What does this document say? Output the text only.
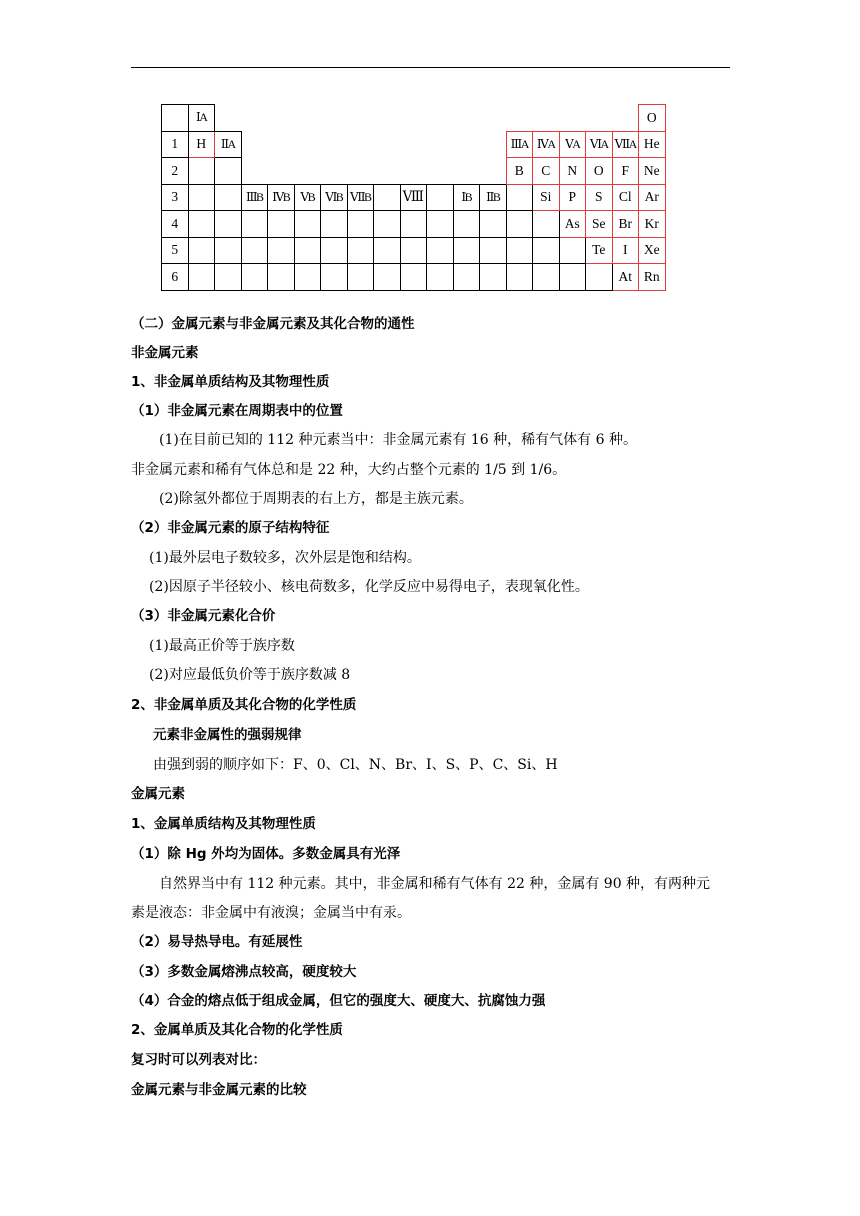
	ⅠA																	O
1	H	ⅡA											ⅢA	ⅣA	ⅤA	ⅥA	ⅦA	He
2													B	C	N	O	F	Ne
3			ⅢB	ⅣB	ⅤB	ⅥB	ⅦB		Ⅷ		ⅠB	ⅡB		Si	P	S	Cl	Ar
4															As	Se	Br	Kr
5																Te	I	Xe
6																	At	Rn
（二）金属元素与非金属元素及其化合物的通性
非金属元素
1、非金属单质结构及其物理性质
（1）非金属元素在周期表中的位置
(1)在目前已知的 112 种元素当中：非金属元素有 16 种，稀有气体有 6 种。
非金属元素和稀有气体总和是 22 种，大约占整个元素的 1/5 到 1/6。
(2)除氢外都位于周期表的右上方，都是主族元素。
（2）非金属元素的原子结构特征
(1)最外层电子数较多，次外层是饱和结构。
(2)因原子半径较小、核电荷数多，化学反应中易得电子，表现氧化性。
（3）非金属元素化合价
(1)最高正价等于族序数
(2)对应最低负价等于族序数减 8
2、非金属单质及其化合物的化学性质
元素非金属性的强弱规律
由强到弱的顺序如下：F、0、Cl、N、Br、I、S、P、C、Si、H
金属元素
1、金属单质结构及其物理性质
（1）除 Hg 外均为固体。多数金属具有光泽
自然界当中有 112 种元素。其中，非金属和稀有气体有 22 种，金属有 90 种，有两种元
素是液态：非金属中有液溴；金属当中有汞。
（2）易导热导电。有延展性
（3）多数金属熔沸点较高，硬度较大
（4）合金的熔点低于组成金属，但它的强度大、硬度大、抗腐蚀力强
2、金属单质及其化合物的化学性质
复习时可以列表对比：
金属元素与非金属元素的比较
